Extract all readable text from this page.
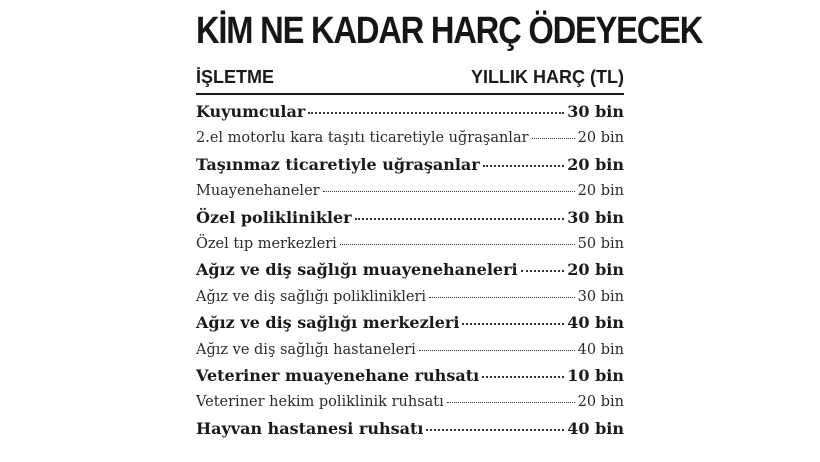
KİM NE KADAR HARÇ ÖDEYECEK
İŞLETME	YILLIK HARÇ (TL)
Kuyumcular	30 bin
2.el motorlu kara taşıtı ticaretiyle uğraşanlar	20 bin
Taşınmaz ticaretiyle uğraşanlar	20 bin
Muayenehaneler	20 bin
Özel poliklinikler	30 bin
Özel tıp merkezleri	50 bin
Ağız ve diş sağlığı muayenehaneleri	20 bin
Ağız ve diş sağlığı poliklinikleri	30 bin
Ağız ve diş sağlığı merkezleri	40 bin
Ağız ve diş sağlığı hastaneleri	40 bin
Veteriner muayenehane ruhsatı	10 bin
Veteriner hekim poliklinik ruhsatı	20 bin
Hayvan hastanesi ruhsatı	40 bin
